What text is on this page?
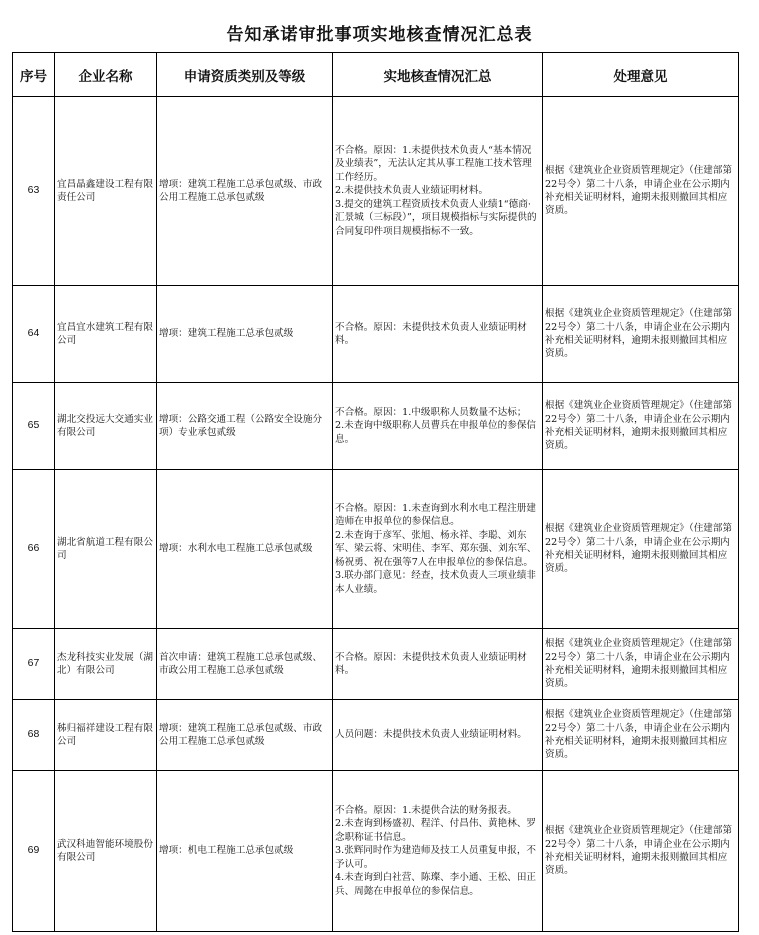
告知承诺审批事项实地核查情况汇总表
序号	企业名称	申请资质类别及等级	实地核查情况汇总	处理意见
63	宜昌晶鑫建设工程有限责任公司	增项：建筑工程施工总承包贰级、市政公用工程施工总承包贰级	不合格。原因：1.未提供技术负责人“基本情况及业绩表”，无法认定其从事工程施工技术管理工作经历。
2.未提供技术负责人业绩证明材料。
3.提交的建筑工程资质技术负责人业绩1“德商·汇景城（三标段）”，项目规模指标与实际提供的合同复印件项目规模指标不一致。	根据《建筑业企业资质管理规定》（住建部第22号令）第二十八条，申请企业在公示期内补充相关证明材料，逾期未报则撤回其相应资质。
64	宜昌宜水建筑工程有限公司	增项：建筑工程施工总承包贰级	不合格。原因：未提供技术负责人业绩证明材料。	根据《建筑业企业资质管理规定》（住建部第22号令）第二十八条，申请企业在公示期内补充相关证明材料，逾期未报则撤回其相应资质。
65	湖北交投远大交通实业有限公司	增项：公路交通工程（公路安全设施分项）专业承包贰级	不合格。原因：1.中级职称人员数量不达标；
2.未查询中级职称人员曹兵在申报单位的参保信息。	根据《建筑业企业资质管理规定》（住建部第22号令）第二十八条，申请企业在公示期内补充相关证明材料，逾期未报则撤回其相应资质。
66	湖北省航道工程有限公司	增项：水利水电工程施工总承包贰级	不合格。原因：1.未查询到水利水电工程注册建造师在申报单位的参保信息。
2.未查询于彦军、张旭、杨永祥、李聪、刘东军、梁云将、宋明佳、李军、郑东强、刘东军、杨祝勇、祝在强等7人在申报单位的参保信息。
3.联办部门意见：经查，技术负责人三项业绩非本人业绩。	根据《建筑业企业资质管理规定》（住建部第22号令）第二十八条，申请企业在公示期内补充相关证明材料，逾期未报则撤回其相应资质。
67	杰龙科技实业发展（湖北）有限公司	首次申请：建筑工程施工总承包贰级、市政公用工程施工总承包贰级	不合格。原因：未提供技术负责人业绩证明材料。	根据《建筑业企业资质管理规定》（住建部第22号令）第二十八条，申请企业在公示期内补充相关证明材料，逾期未报则撤回其相应资质。
68	秭归福祥建设工程有限公司	增项：建筑工程施工总承包贰级、市政公用工程施工总承包贰级	人员问题：未提供技术负责人业绩证明材料。	根据《建筑业企业资质管理规定》（住建部第22号令）第二十八条，申请企业在公示期内补充相关证明材料，逾期未报则撤回其相应资质。
69	武汉科迪智能环境股份有限公司	增项：机电工程施工总承包贰级	不合格。原因：1.未提供合法的财务报表。
2.未查询到杨盛初、程洋、付昌伟、黄艳林、罗念职称证书信息。
3.张辉同时作为建造师及技工人员重复申报，不予认可。
4.未查询到白社营、陈璨、李小通、王松、田正兵、周懿在申报单位的参保信息。	根据《建筑业企业资质管理规定》（住建部第22号令）第二十八条，申请企业在公示期内补充相关证明材料，逾期未报则撤回其相应资质。
